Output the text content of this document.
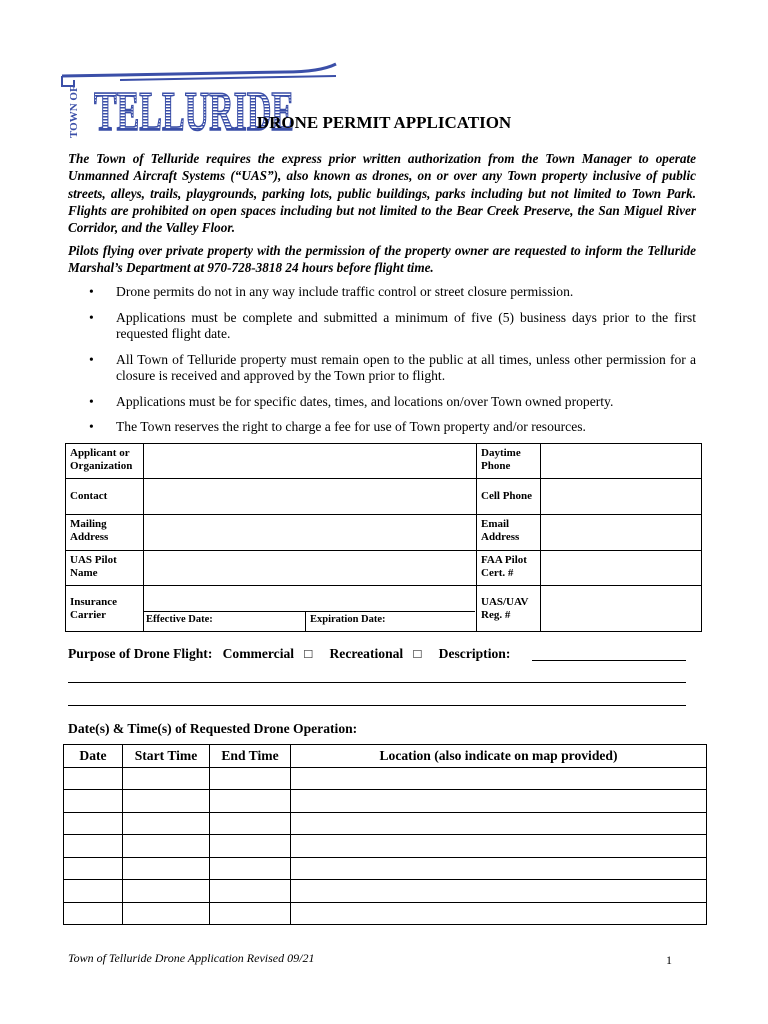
TELLURIDE
TOWN OF	DRONE PERMIT APPLICATION

The Town of Telluride requires the express prior written authorization from the Town Manager to operate Unmanned Aircraft Systems (“UAS”), also known as drones, on or over any Town property inclusive of public streets, alleys, trails, playgrounds, parking lots, public buildings, parks including but not limited to Town Park. Flights are prohibited on open spaces including but not limited to the Bear Creek Preserve, the San Miguel River Corridor, and the Valley Floor.

Pilots flying over private property with the permission of the property owner are requested to inform the Telluride Marshal’s Department at 970-728-3818 24 hours before flight time.

• Drone permits do not in any way include traffic control or street closure permission.
• Applications must be complete and submitted a minimum of five (5) business days prior to the first requested flight date.
• All Town of Telluride property must remain open to the public at all times, unless other permission for a closure is received and approved by the Town prior to flight.
• Applications must be for specific dates, times, and locations on/over Town owned property.
• The Town reserves the right to charge a fee for use of Town property and/or resources.
Applicant or Organization		Daytime Phone	
Contact		Cell Phone	
Mailing Address		Email Address	
UAS Pilot Name		FAA Pilot Cert. #	
Insurance Carrier		UAS/UAV Reg. #	
Effective Date:	Expiration Date:
Purpose of Drone Flight: Commercial □ Recreational □ Description:
Date(s) & Time(s) of Requested Drone Operation:
Date	Start Time	End Time	Location (also indicate on map provided)

Town of Telluride Drone Application Revised 09/21	1
